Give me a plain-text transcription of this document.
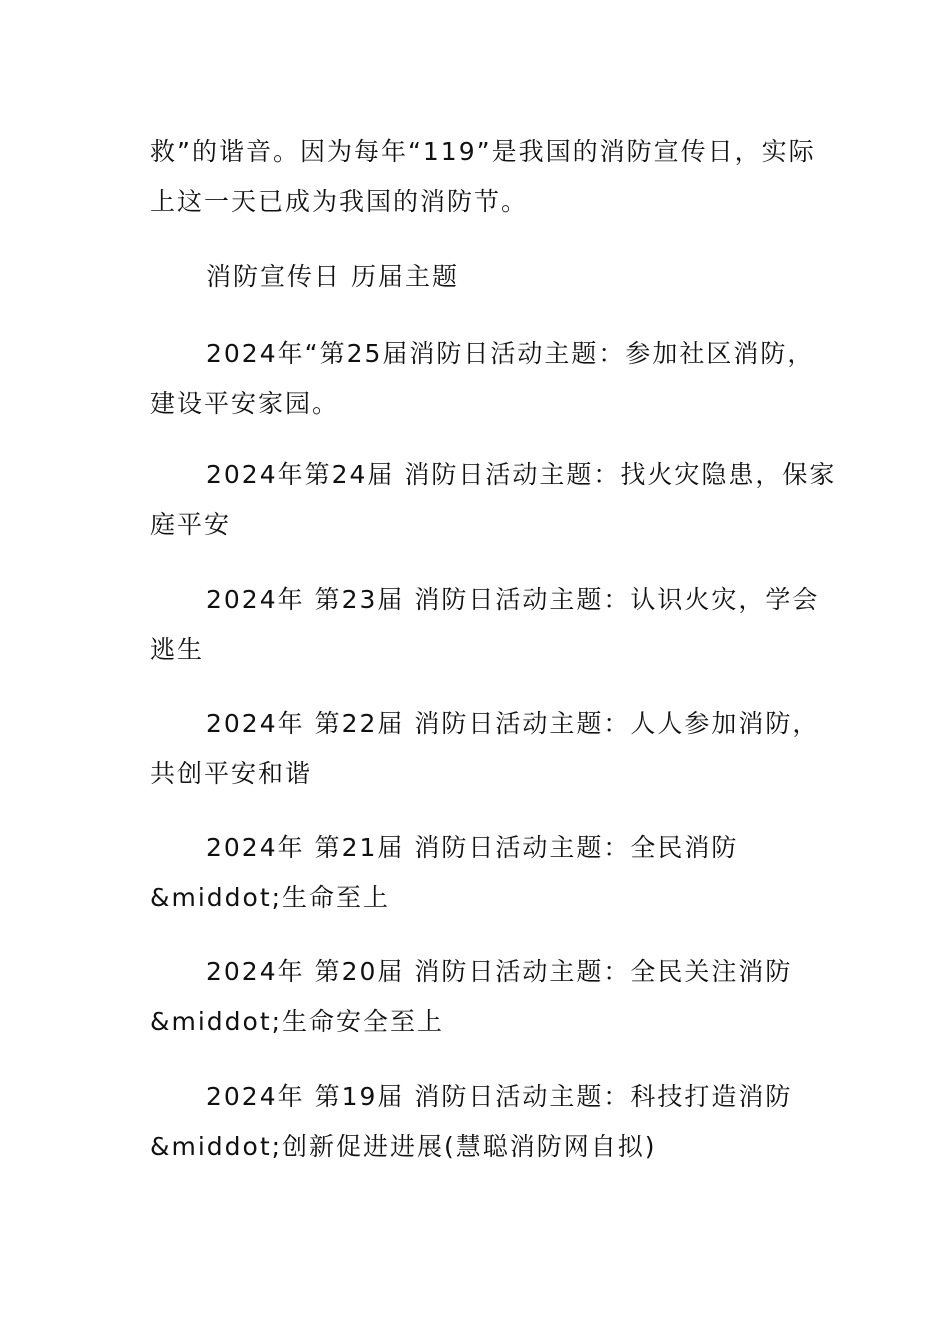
救”的谐音。因为每年“119”是我国的消防宣传日，实际
上这一天已成为我国的消防节。
消防宣传日 历届主题
2024年“第25届消防日活动主题：参加社区消防，
建设平安家园。
2024年第24届 消防日活动主题：找火灾隐患，保家
庭平安
2024年 第23届 消防日活动主题：认识火灾，学会
逃生
2024年 第22届 消防日活动主题：人人参加消防，
共创平安和谐
2024年 第21届 消防日活动主题：全民消防
&middot;生命至上
2024年 第20届 消防日活动主题：全民关注消防
&middot;生命安全至上
2024年 第19届 消防日活动主题：科技打造消防
&middot;创新促进进展(慧聪消防网自拟)
